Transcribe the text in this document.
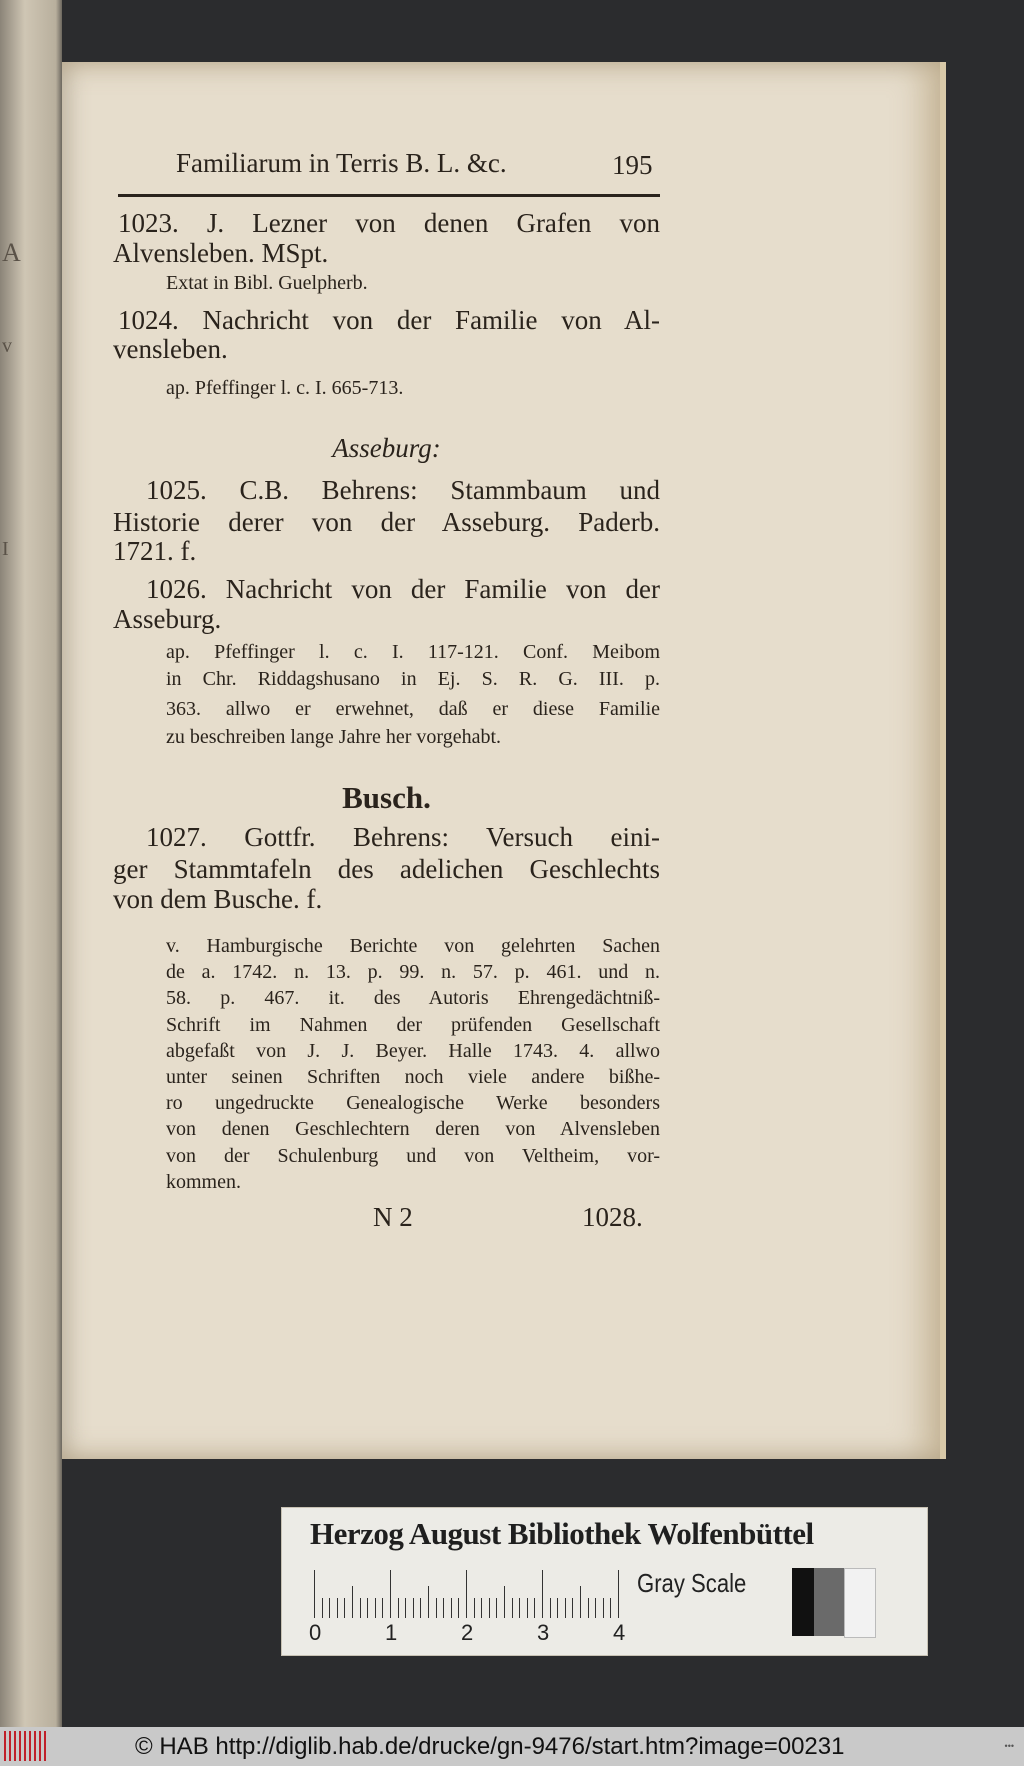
A
v
I
Familiarum in Terris B. L. &c.	195
1023. J. Lezner von denen Grafen von
Alvensleben. MSpt.
Extat in Bibl. Guelpherb.
1024. Nachricht von der Familie von Al-
vensleben.
ap. Pfeffinger l. c. I. 665-713.
Asseburg:
1025. C.B. Behrens: Stammbaum und
Historie derer von der Asseburg. Paderb.
1721. f.
1026. Nachricht von der Familie von der
Asseburg.
ap. Pfeffinger l. c. I. 117-121. Conf. Meibom
in Chr. Riddagshusano in Ej. S. R. G. III. p.
363. allwo er erwehnet, daß er diese Familie
zu beschreiben lange Jahre her vorgehabt.
Busch.
1027. Gottfr. Behrens: Versuch eini-
ger Stammtafeln des adelichen Geschlechts
von dem Busche. f.
v. Hamburgische Berichte von gelehrten Sachen
de a. 1742. n. 13. p. 99. n. 57. p. 461. und n.
58. p. 467. it. des Autoris Ehrengedächtniß-
Schrift im Nahmen der prüfenden Gesellschaft
abgefaßt von J. J. Beyer. Halle 1743. 4. allwo
unter seinen Schriften noch viele andere bißhe-
ro ungedruckte Genealogische Werke besonders
von denen Geschlechtern deren von Alvensleben
von der Schulenburg und von Veltheim, vor-
kommen.
N 2	1028.
Herzog August Bibliothek Wolfenbüttel
0	1	2	3	4
Gray Scale
© HAB http://diglib.hab.de/drucke/gn-9476/start.htm?image=00231	•••
